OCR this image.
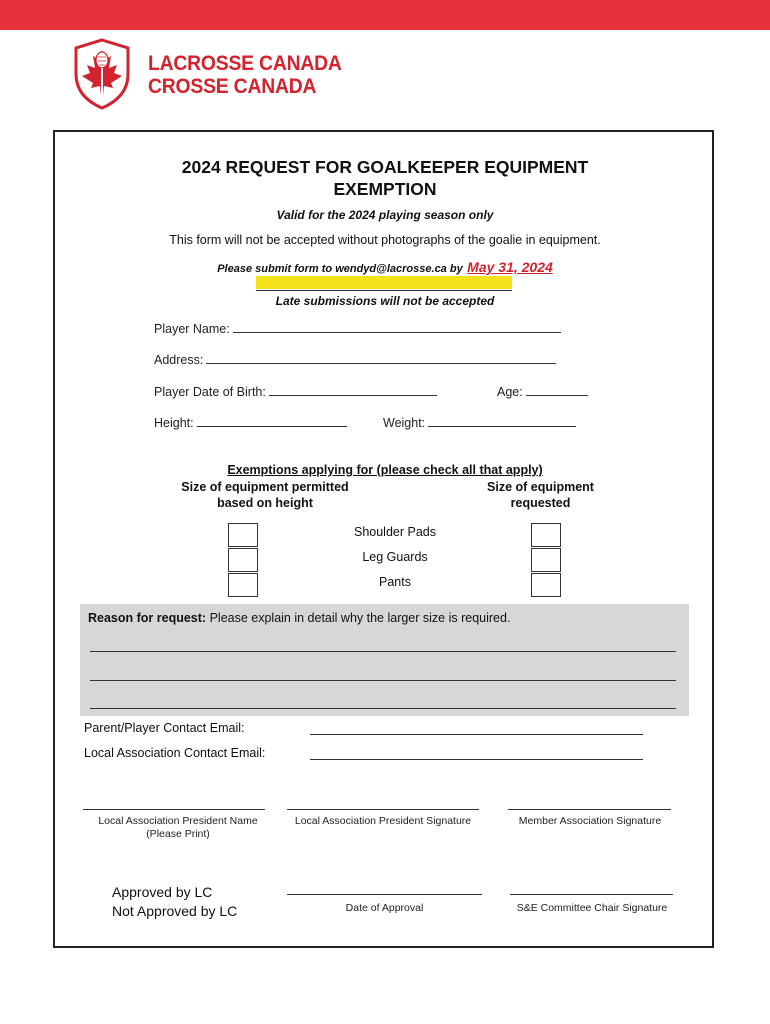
LACROSSE CANADA
CROSSE CANADA
2024 REQUEST FOR GOALKEEPER EQUIPMENT
EXEMPTION
Valid for the 2024 playing season only
This form will not be accepted without photographs of the goalie in equipment.
Please submit form to wendyd@lacrosse.ca by May 31, 2024
Late submissions will not be accepted
Player Name:
Address:
Player Date of Birth:	Age:
Height:	Weight:
Exemptions applying for (please check all that apply)
Size of equipment permitted
based on height
Size of equipment
requested
Shoulder Pads
Leg Guards
Pants
Reason for request: Please explain in detail why the larger size is required.
Parent/Player Contact Email:
Local Association Contact Email:
Local Association President Name
(Please Print)
Local Association President Signature	Member Association Signature
Approved by LC
Not Approved by LC	Date of Approval	S&E Committee Chair Signature
